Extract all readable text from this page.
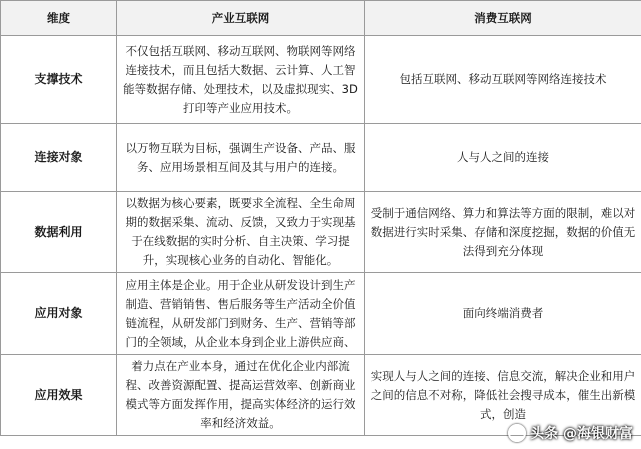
维度	产业互联网	消费互联网
支撑技术	不仅包括互联网、移动互联网、物联网等网络连接技术，而且包括大数据、云计算、人工智能等数据存储、处理技术，以及虚拟现实、3D打印等产业应用技术。	包括互联网、移动互联网等网络连接技术
连接对象	以万物互联为目标，强调生产设备、产品、服务、应用场景相互间及其与用户的连接。	人与人之间的连接
数据利用	以数据为核心要素，既要求全流程、全生命周期的数据采集、流动、反馈，又致力于实现基于在线数据的实时分析、自主决策、学习提升，实现核心业务的自动化、智能化。	受制于通信网络、算力和算法等方面的限制，难以对数据进行实时采集、存储和深度挖掘，数据的价值无法得到充分体现
应用对象	应用主体是企业。用于企业从研发设计到生产制造、营销销售、售后服务等生产活动全价值链流程，从研发部门到财务、生产、营销等部门的全领域，从企业本身到企业上游供应商、	面向终端消费者
应用效果	着力点在产业本身，通过在优化企业内部流程、改善资源配置、提高运营效率、创新商业模式等方面发挥作用，提高实体经济的运行效率和经济效益。	实现人与人之间的连接、信息交流，解决企业和用户之间的信息不对称，降低社会搜寻成本，催生出新模式，创造
头条 @海银财富
